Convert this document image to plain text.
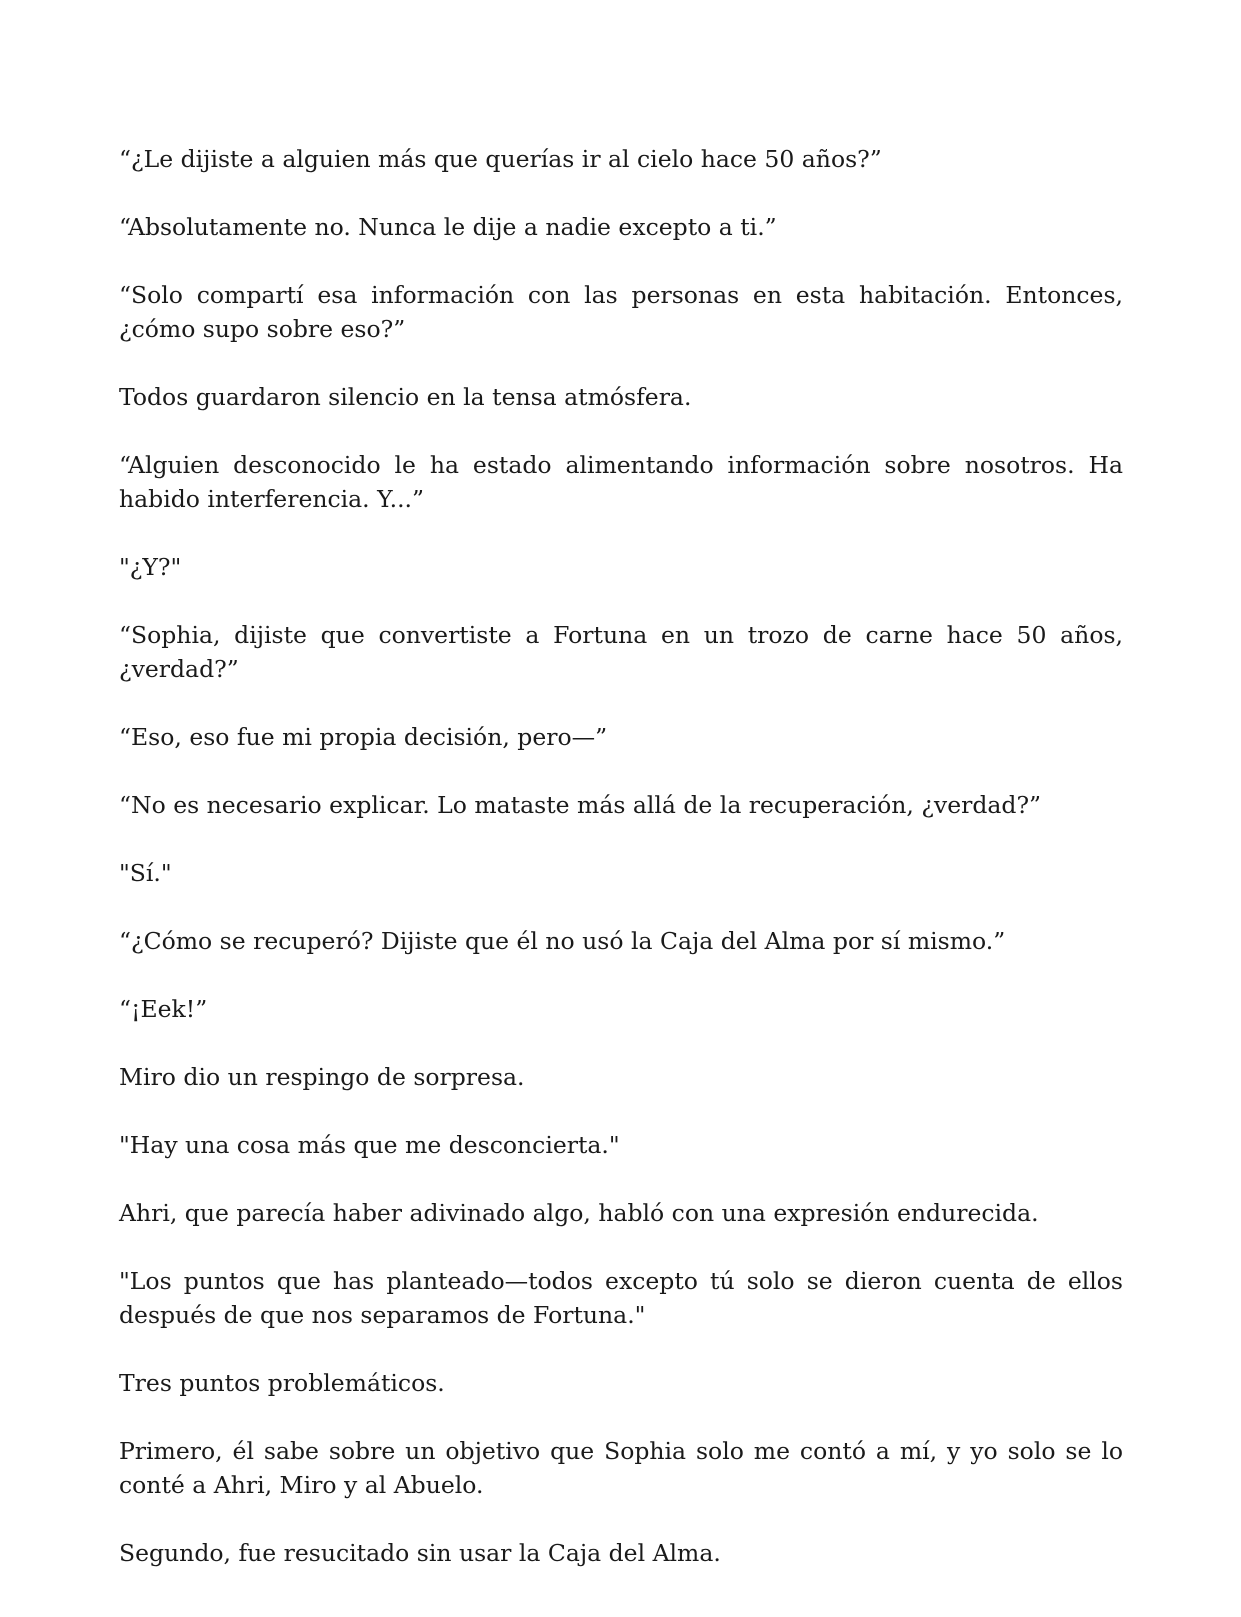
“¿Le dijiste a alguien más que querías ir al cielo hace 50 años?”

“Absolutamente no. Nunca le dije a nadie excepto a ti.”

“Solo compartí esa información con las personas en esta habitación. Entonces, ¿cómo supo sobre eso?”

Todos guardaron silencio en la tensa atmósfera.

“Alguien desconocido le ha estado alimentando información sobre nosotros. Ha habido interferencia. Y...”

"¿Y?"

“Sophia, dijiste que convertiste a Fortuna en un trozo de carne hace 50 años, ¿verdad?”

“Eso, eso fue mi propia decisión, pero—”

“No es necesario explicar. Lo mataste más allá de la recuperación, ¿verdad?”

"Sí."

“¿Cómo se recuperó? Dijiste que él no usó la Caja del Alma por sí mismo.”

“¡Eek!”

Miro dio un respingo de sorpresa.

"Hay una cosa más que me desconcierta."

Ahri, que parecía haber adivinado algo, habló con una expresión endurecida.

"Los puntos que has planteado—todos excepto tú solo se dieron cuenta de ellos después de que nos separamos de Fortuna."

Tres puntos problemáticos.

Primero, él sabe sobre un objetivo que Sophia solo me contó a mí, y yo solo se lo conté a Ahri, Miro y al Abuelo.

Segundo, fue resucitado sin usar la Caja del Alma.
